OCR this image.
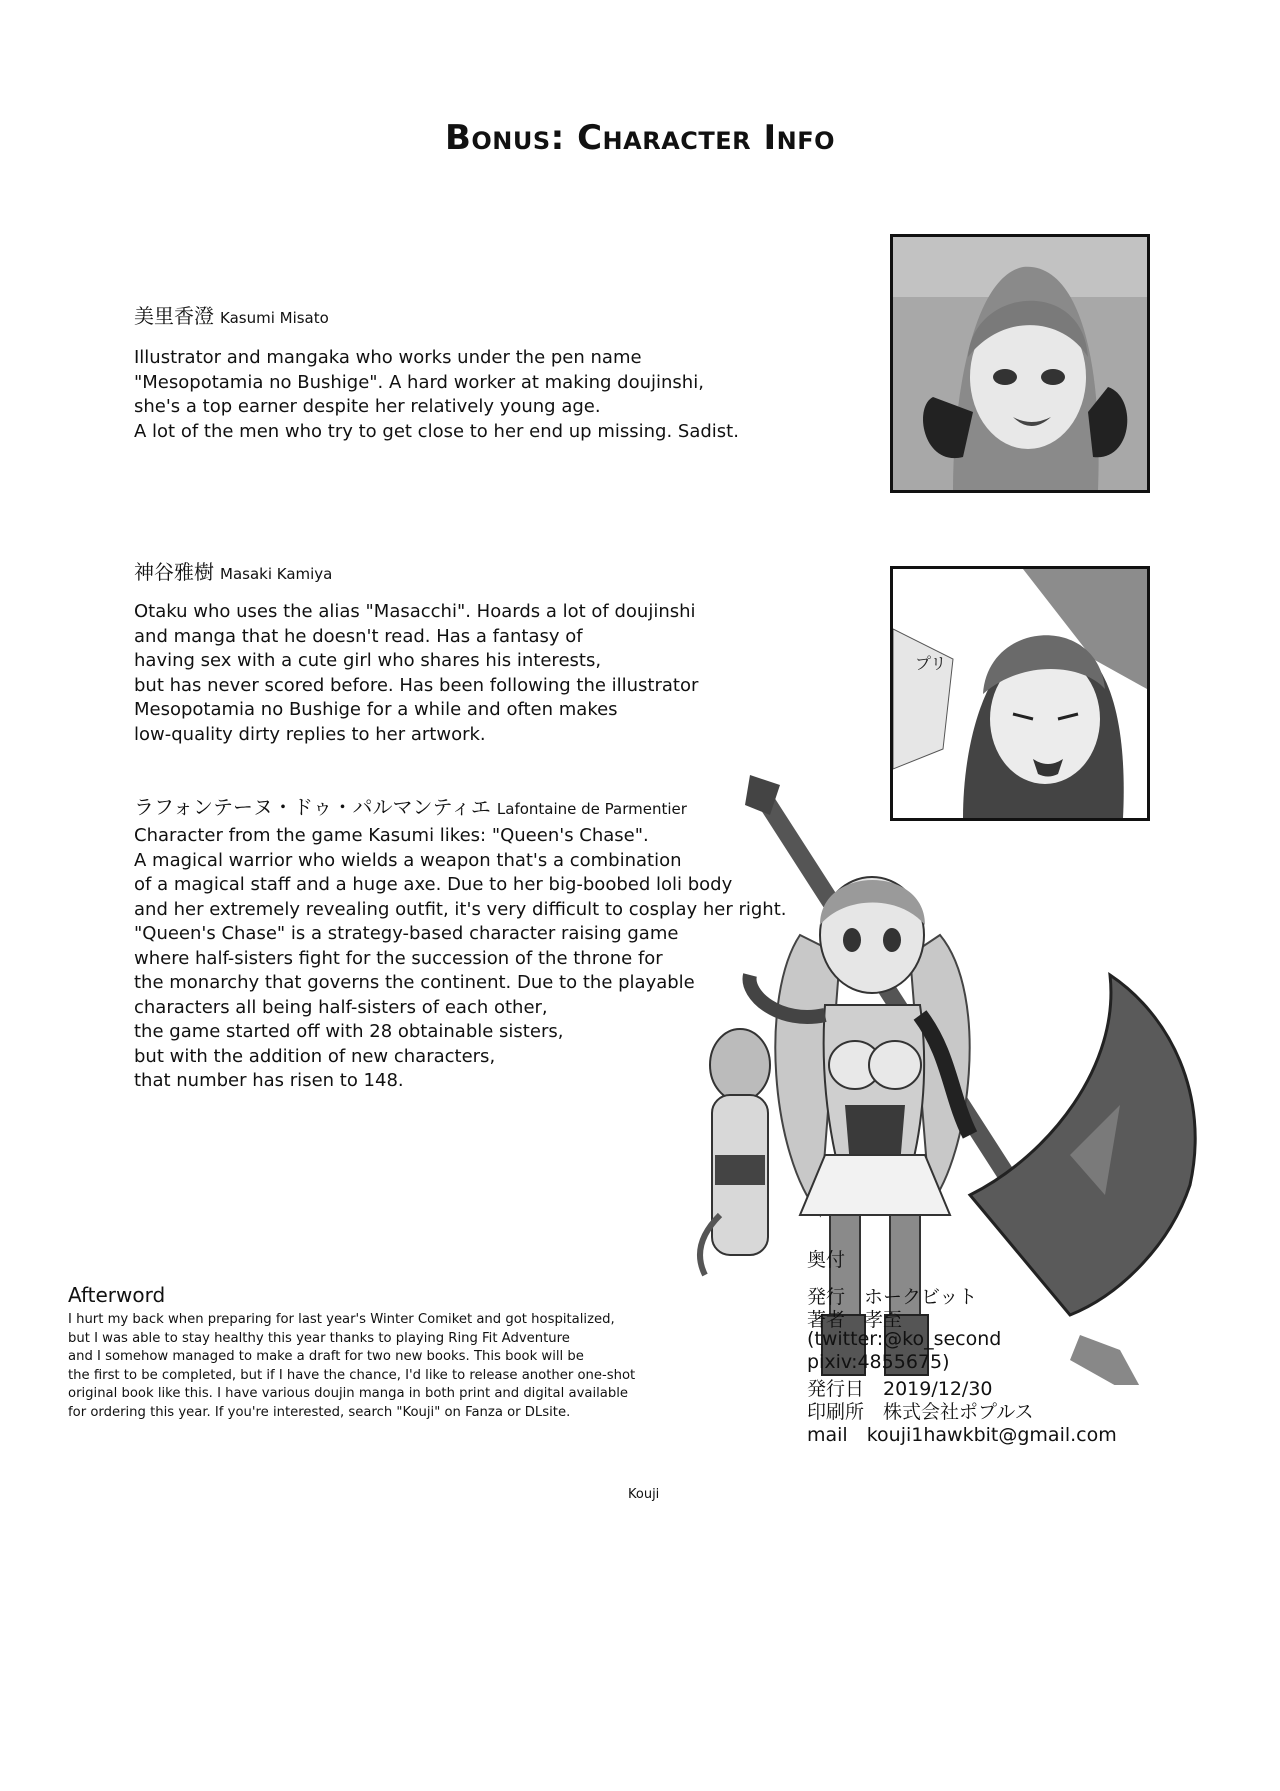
Bonus: Character Info
美里香澄 Kasumi Misato
Illustrator and mangaka who works under the pen name
"Mesopotamia no Bushige". A hard worker at making doujinshi,
she's a top earner despite her relatively young age.
A lot of the men who try to get close to her end up missing. Sadist.
神谷雅樹 Masaki Kamiya
Otaku who uses the alias "Masacchi". Hoards a lot of doujinshi
and manga that he doesn't read. Has a fantasy of
having sex with a cute girl who shares his interests,
but has never scored before. Has been following the illustrator
Mesopotamia no Bushige for a while and often makes
low-quality dirty replies to her artwork.
プリ
ラフォンテーヌ・ドゥ・パルマンティエ Lafontaine de Parmentier
Character from the game Kasumi likes: "Queen's Chase".
A magical warrior who wields a weapon that's a combination
of a magical staff and a huge axe. Due to her big-boobed loli body
and her extremely revealing outfit, it's very difficult to cosplay her right.
"Queen's Chase" is a strategy-based character raising game
where half-sisters fight for the succession of the throne for
the monarchy that governs the continent. Due to the playable
characters all being half-sisters of each other,
the game started off with 28 obtainable sisters,
but with the addition of new characters,
that number has risen to 148.
Afterword
I hurt my back when preparing for last year's Winter Comiket and got hospitalized,
but I was able to stay healthy this year thanks to playing Ring Fit Adventure
and I somehow managed to make a draft for two new books. This book will be
the first to be completed, but if I have the chance, I'd like to release another one-shot
original book like this. I have various doujin manga in both print and digital available
for ordering this year. If you're interested, search "Kouji" on Fanza or DLsite.
Kouji
奥付
発行　ホークビット
著者　孝至
(twitter:@ko_second
pixiv:4855675)
発行日　2019/12/30
印刷所　株式会社ポプルス
mail　kouji1hawkbit@gmail.com
